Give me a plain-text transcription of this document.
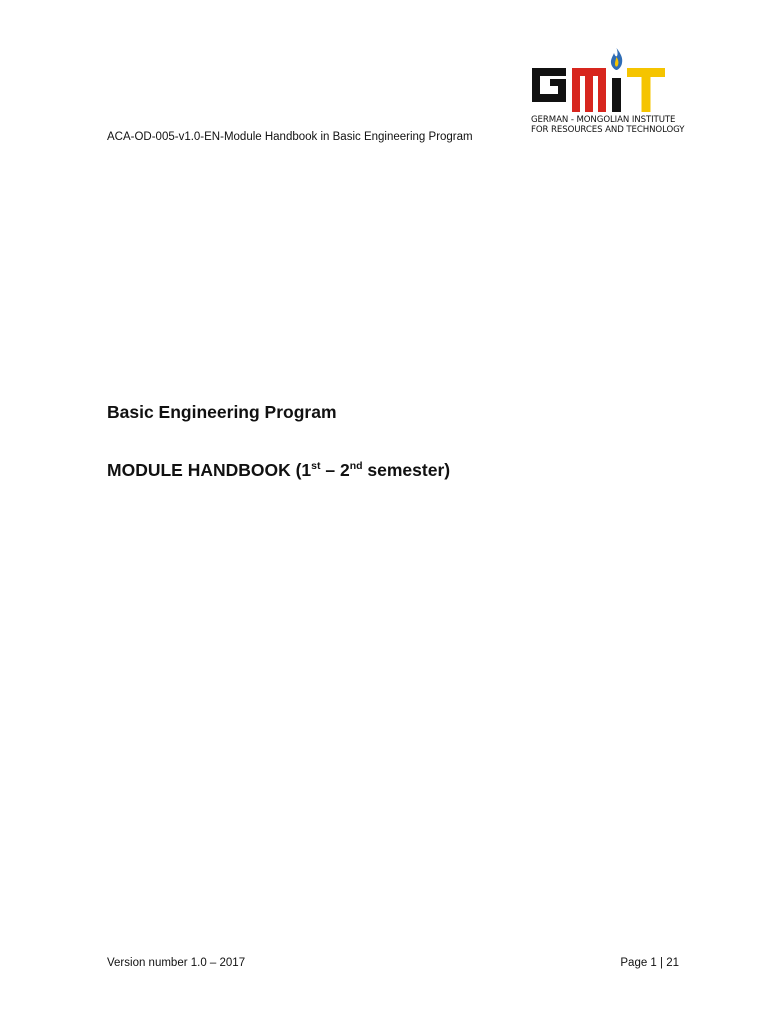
ACA-OD-005-v1.0-EN-Module Handbook in Basic Engineering Program
GERMAN - MONGOLIAN INSTITUTE
FOR RESOURCES AND TECHNOLOGY
Basic Engineering Program
MODULE HANDBOOK (1st – 2nd semester)
Version number 1.0 – 2017	Page 1 | 21
